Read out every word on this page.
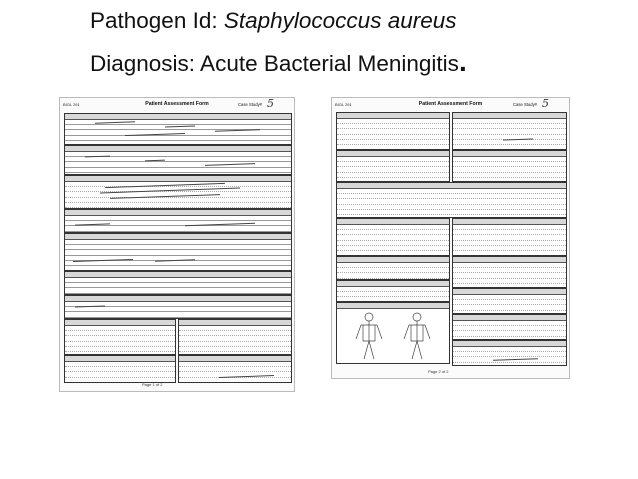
Pathogen Id: Staphylococcus aureus
Diagnosis: Acute Bacterial Meningitis.
BIOL 291	Patient Assessment Form	Case Study# 5
Page 1 of 2
BIOL 291	Patient Assessment Form	Case Study# 5
Page 2 of 2
